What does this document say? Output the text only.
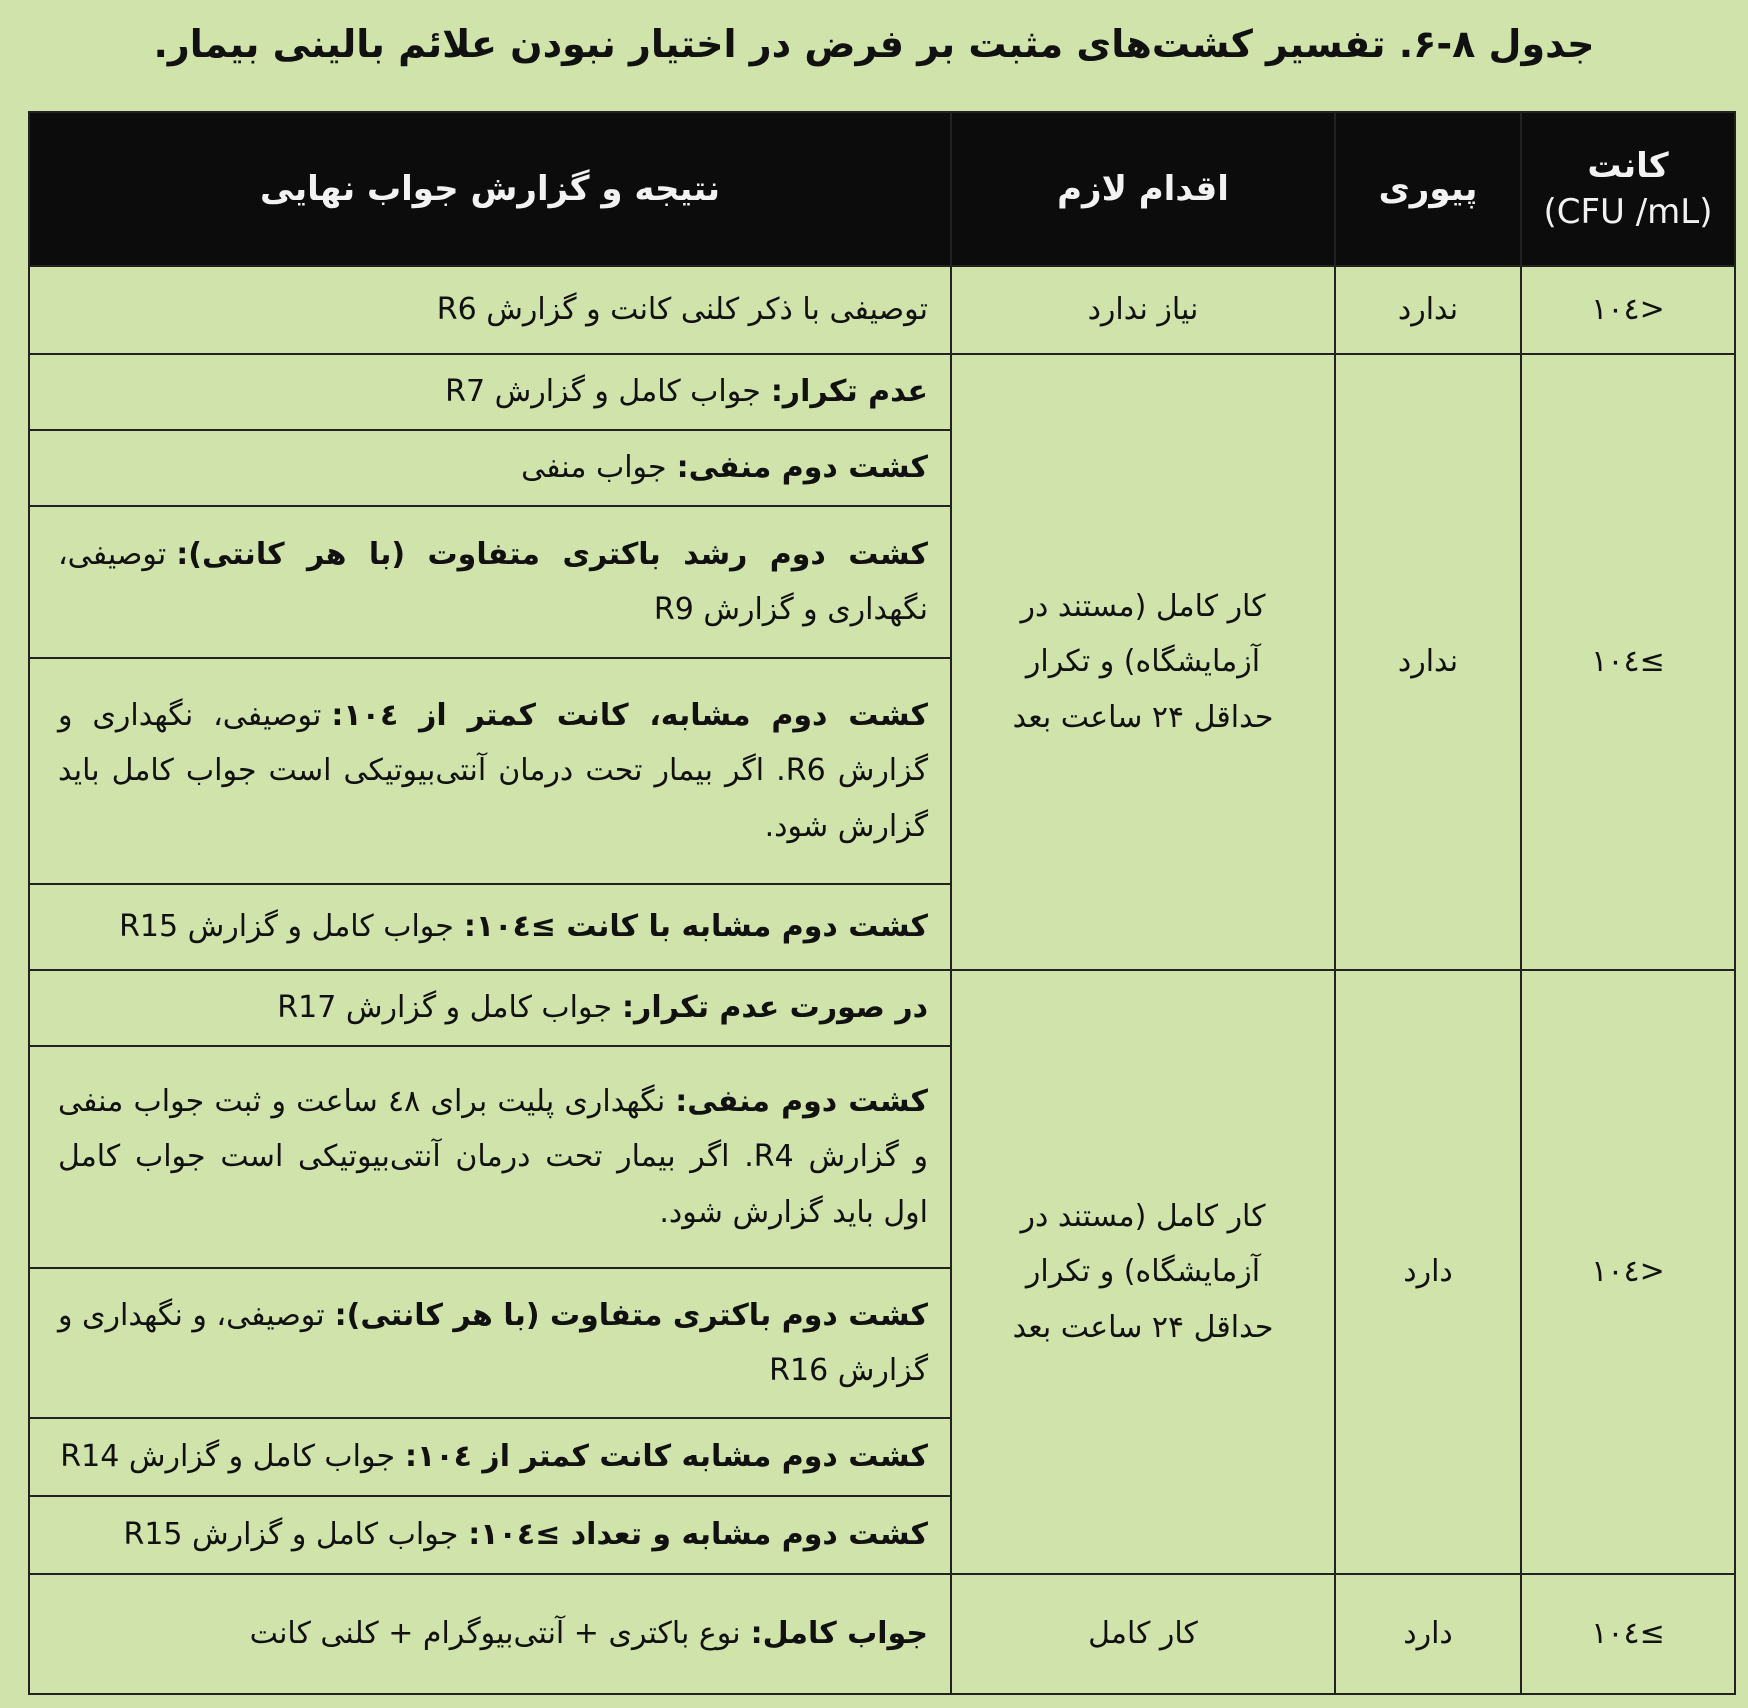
جدول ۸-۶. تفسیر کشت‌های مثبت بر فرض در اختیار نبودن علائم بالینی بیمار.
کانت
(CFU /mL)	پیوری	اقدام لازم	نتیجه و گزارش جواب نهایی
<۱۰٤	ندارد	نیاز ندارد	توصیفی با ذکر کلنی کانت و گزارش R6
≥۱۰٤	ندارد	کار کامل (مستند در آزمایشگاه) و تکرار حداقل ۲۴ ساعت بعد	عدم تکرار:جواب کامل و گزارش R7
			کشت دوم منفی:جواب منفی
			کشت دوم رشد باکتری متفاوت (با هر کانتی):توصیفی، نگهداری و گزارش R9
			کشت دوم مشابه، کانت کمتر از ۱۰٤:توصیفی، نگهداری و گزارش R6. اگر بیمار تحت درمان آنتی‌بیوتیکی است جواب کامل باید گزارش شود.
			کشت دوم مشابه با کانت ≥۱۰٤:جواب کامل و گزارش R15
<۱۰٤	دارد	کار کامل (مستند در آزمایشگاه) و تکرار حداقل ۲۴ ساعت بعد	در صورت عدم تکرار:جواب کامل و گزارش R17
			کشت دوم منفی:نگهداری پلیت برای ٤۸ ساعت و ثبت جواب منفی و گزارش R4. اگر بیمار تحت درمان آنتی‌بیوتیکی است جواب کامل اول باید گزارش شود.
			کشت دوم باکتری متفاوت (با هر کانتی):توصیفی، و نگهداری و گزارش R16
			کشت دوم مشابه کانت کمتر از ۱۰٤:جواب کامل و گزارش R14
			کشت دوم مشابه و تعداد ≥۱۰٤:جواب کامل و گزارش R15
≥۱۰٤	دارد	کار کامل	جواب کامل:نوع باکتری + آنتی‌بیوگرام + کلنی کانت
